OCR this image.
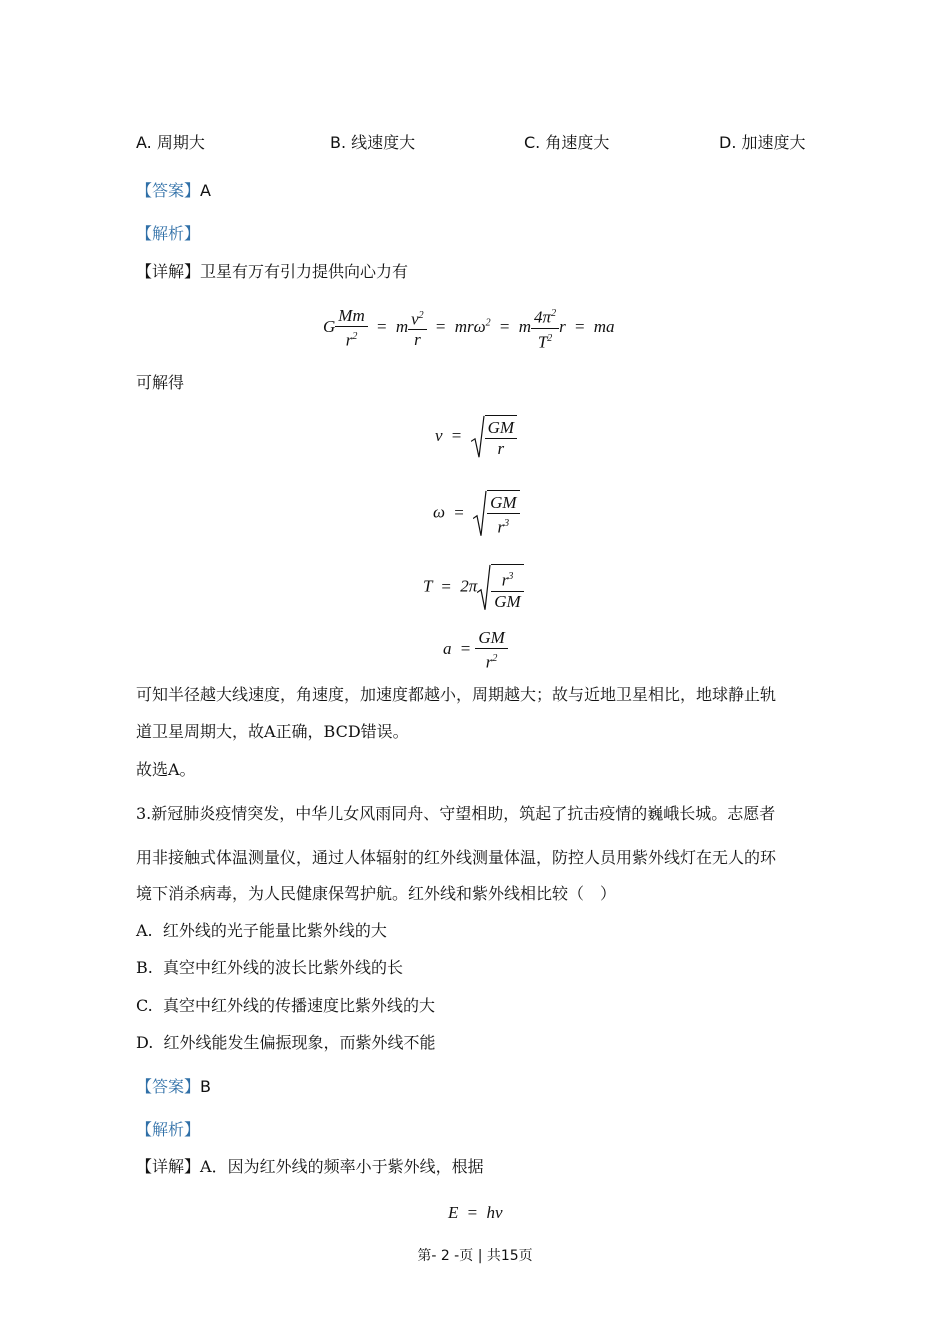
A. 周期大	B. 线速度大	C. 角速度大	D. 加速度大
【答案】A
【解析】
【详解】卫星有万有引力提供向心力有
G $\frac{Mm}{r^2} = m \frac{v^2}{r} = mr\omega^2 = m \frac{4\pi^2}{T^2}$ r = ma
可解得
$v = \frac{GM}{r}$
$\omega = \frac{GM}{r^3}$
$T = 2\pi \frac{r^3}{GM}$
$a = \frac{GM}{r^2}$
可知半径越大线速度，角速度，加速度都越小，周期越大；故与近地卫星相比，地球静止轨
道卫星周期大，故A正确，BCD错误。
故选A。
3.新冠肺炎疫情突发，中华儿女风雨同舟、守望相助，筑起了抗击疫情的巍峨长城。志愿者
用非接触式体温测量仪，通过人体辐射的红外线测量体温，防控人员用紫外线灯在无人的环
境下消杀病毒，为人民健康保驾护航。红外线和紫外线相比较（　）
A. 红外线的光子能量比紫外线的大
B. 真空中红外线的波长比紫外线的长
C. 真空中红外线的传播速度比紫外线的大
D. 红外线能发生偏振现象，而紫外线不能
【答案】B
【解析】
【详解】A．因为红外线的频率小于紫外线，根据
E = hν
第- 2 -页 | 共15页
